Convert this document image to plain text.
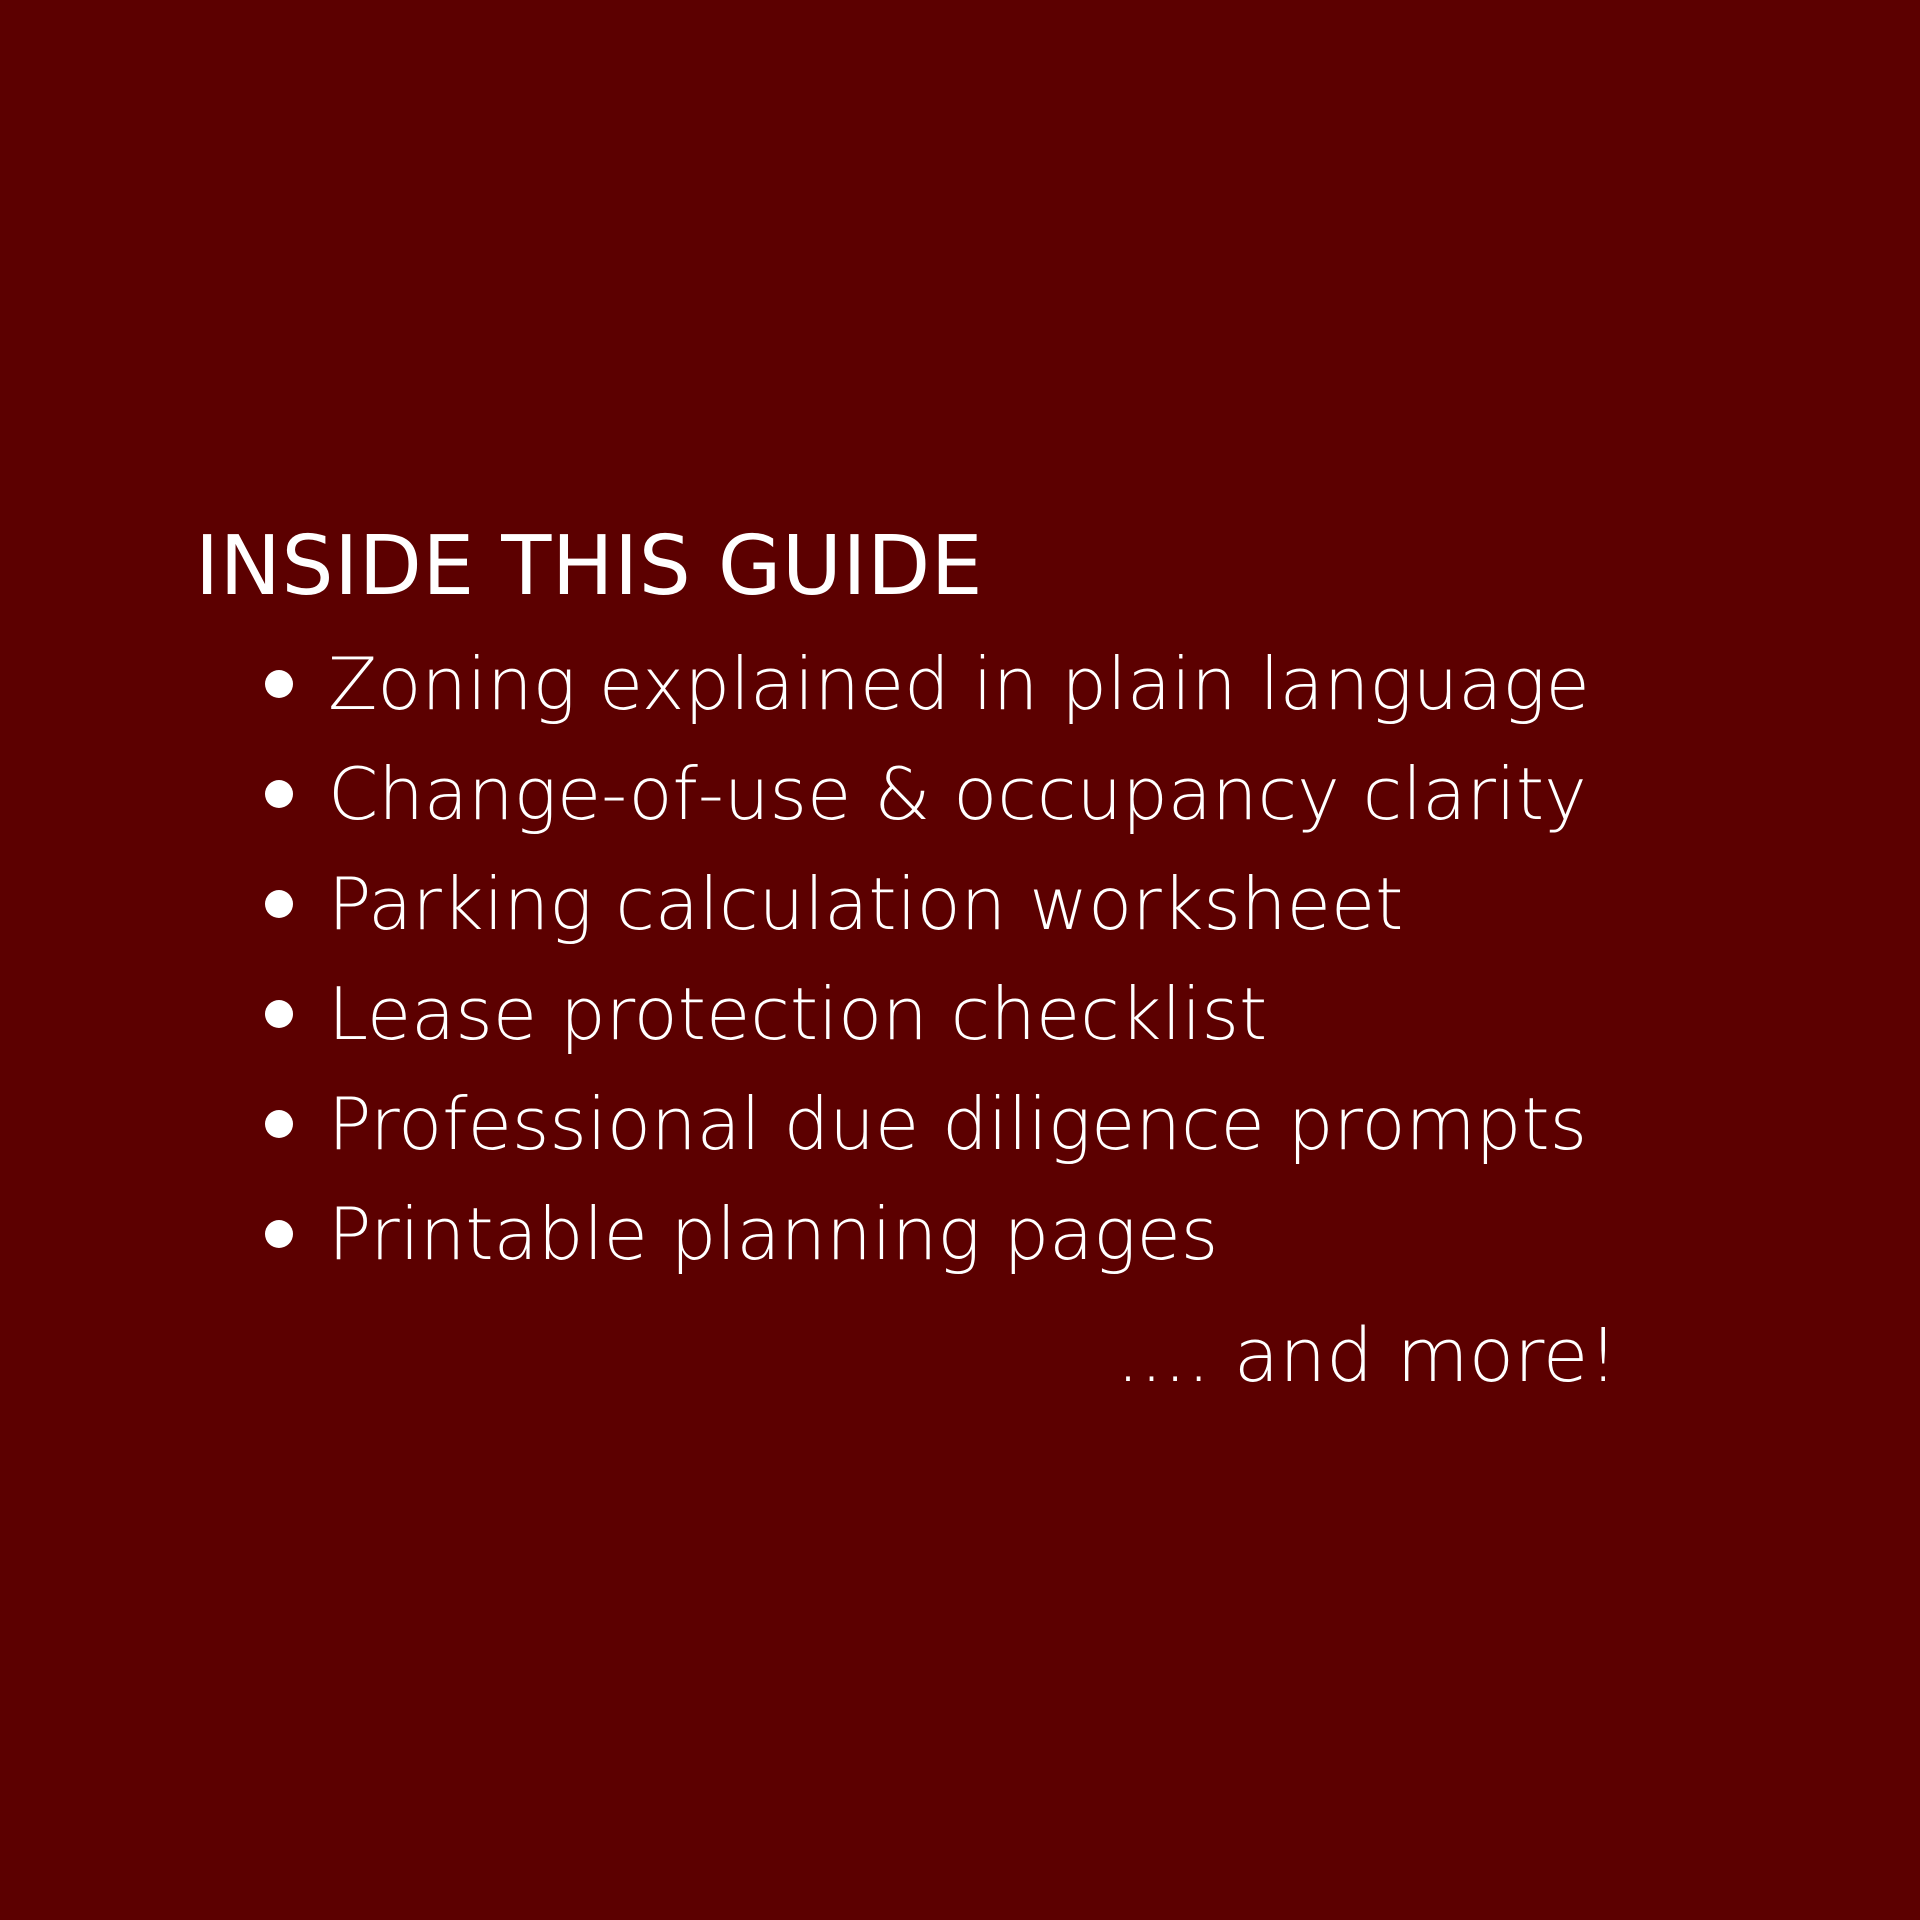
INSIDE THIS GUIDE
Zoning explained in plain language
Change-of-use & occupancy clarity
Parking calculation worksheet
Lease protection checklist
Professional due diligence prompts
Printable planning pages

.... and more!
